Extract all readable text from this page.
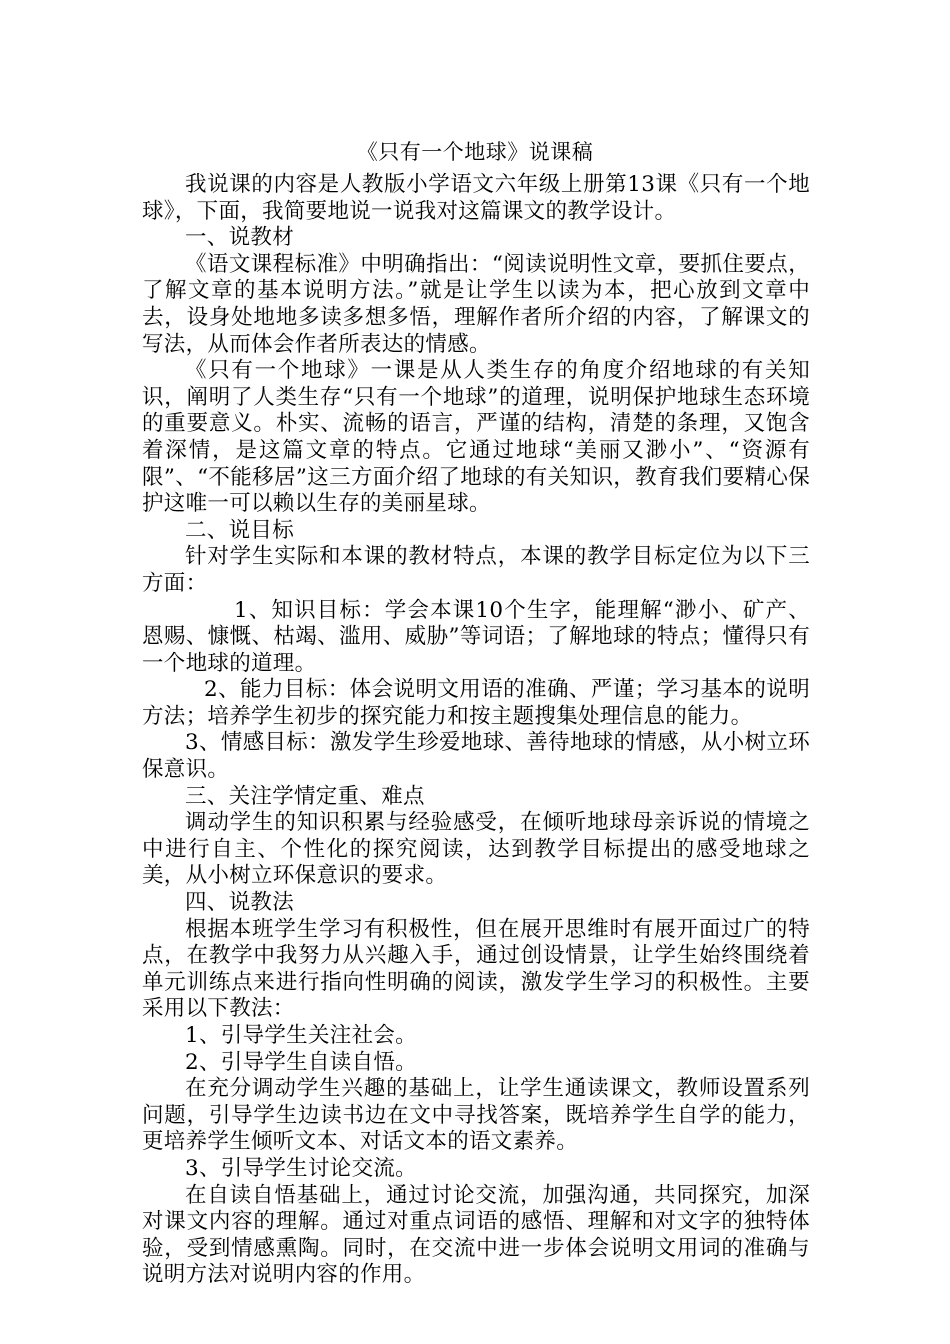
《只有一个地球》说课稿

我说课的内容是人教版小学语文六年级上册第13课《只有一个地球》，下面，我简要地说一说我对这篇课文的教学设计。

一、说教材

《语文课程标准》中明确指出：“阅读说明性文章，要抓住要点，了解文章的基本说明方法。”就是让学生以读为本，把心放到文章中去，设身处地地多读多想多悟，理解作者所介绍的内容，了解课文的写法，从而体会作者所表达的情感。

《只有一个地球》一课是从人类生存的角度介绍地球的有关知识，阐明了人类生存“只有一个地球”的道理，说明保护地球生态环境的重要意义。朴实、流畅的语言，严谨的结构，清楚的条理，又饱含着深情，是这篇文章的特点。它通过地球“美丽又渺小”、“资源有限”、“不能移居”这三方面介绍了地球的有关知识，教育我们要精心保护这唯一可以赖以生存的美丽星球。

二、说目标

针对学生实际和本课的教材特点，本课的教学目标定位为以下三方面：

1、知识目标：学会本课10个生字，能理解“渺小、矿产、恩赐、慷慨、枯竭、滥用、威胁”等词语；了解地球的特点；懂得只有一个地球的道理。

2、能力目标：体会说明文用语的准确、严谨；学习基本的说明方法；培养学生初步的探究能力和按主题搜集处理信息的能力。

3、情感目标：激发学生珍爱地球、善待地球的情感，从小树立环保意识。

三、关注学情定重、难点

调动学生的知识积累与经验感受，在倾听地球母亲诉说的情境之中进行自主、个性化的探究阅读，达到教学目标提出的感受地球之美，从小树立环保意识的要求。

四、说教法

根据本班学生学习有积极性，但在展开思维时有展开面过广的特点，在教学中我努力从兴趣入手，通过创设情景，让学生始终围绕着单元训练点来进行指向性明确的阅读，激发学生学习的积极性。主要采用以下教法：

1、引导学生关注社会。

2、引导学生自读自悟。

在充分调动学生兴趣的基础上，让学生通读课文，教师设置系列问题，引导学生边读书边在文中寻找答案，既培养学生自学的能力，更培养学生倾听文本、对话文本的语文素养。

3、引导学生讨论交流。

在自读自悟基础上，通过讨论交流，加强沟通，共同探究，加深对课文内容的理解。通过对重点词语的感悟、理解和对文字的独特体验，受到情感熏陶。同时，在交流中进一步体会说明文用词的准确与说明方法对说明内容的作用。
